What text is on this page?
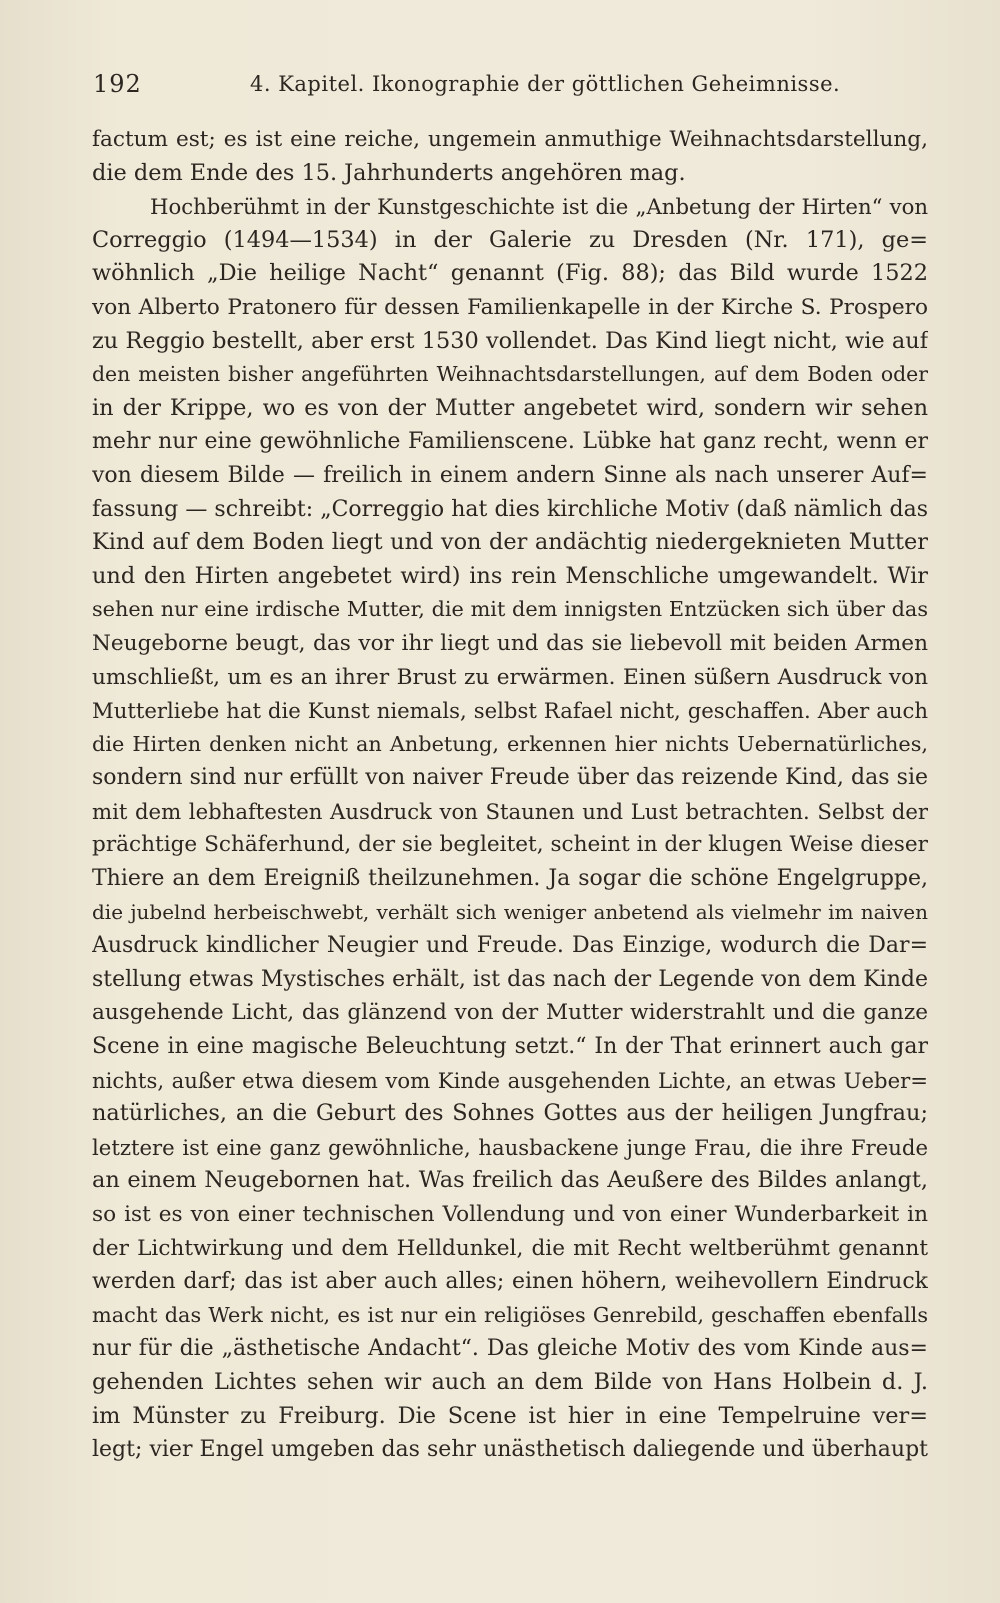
192	4. Kapitel. Ikonographie der göttlichen Geheimnisse.
factum est; es ist eine reiche, ungemein anmuthige Weihnachtsdarstellung,
die dem Ende des 15. Jahrhunderts angehören mag.
Hochberühmt in der Kunstgeschichte ist die „Anbetung der Hirten“ von
Correggio (1494—1534) in der Galerie zu Dresden (Nr. 171), ge=
wöhnlich „Die heilige Nacht“ genannt (Fig. 88); das Bild wurde 1522
von Alberto Pratonero für dessen Familienkapelle in der Kirche S. Prospero
zu Reggio bestellt, aber erst 1530 vollendet. Das Kind liegt nicht, wie auf
den meisten bisher angeführten Weihnachtsdarstellungen, auf dem Boden oder
in der Krippe, wo es von der Mutter angebetet wird, sondern wir sehen
mehr nur eine gewöhnliche Familienscene. Lübke hat ganz recht, wenn er
von diesem Bilde — freilich in einem andern Sinne als nach unserer Auf=
fassung — schreibt: „Correggio hat dies kirchliche Motiv (daß nämlich das
Kind auf dem Boden liegt und von der andächtig niedergeknieten Mutter
und den Hirten angebetet wird) ins rein Menschliche umgewandelt. Wir
sehen nur eine irdische Mutter, die mit dem innigsten Entzücken sich über das
Neugeborne beugt, das vor ihr liegt und das sie liebevoll mit beiden Armen
umschließt, um es an ihrer Brust zu erwärmen. Einen süßern Ausdruck von
Mutterliebe hat die Kunst niemals, selbst Rafael nicht, geschaffen. Aber auch
die Hirten denken nicht an Anbetung, erkennen hier nichts Uebernatürliches,
sondern sind nur erfüllt von naiver Freude über das reizende Kind, das sie
mit dem lebhaftesten Ausdruck von Staunen und Lust betrachten. Selbst der
prächtige Schäferhund, der sie begleitet, scheint in der klugen Weise dieser
Thiere an dem Ereigniß theilzunehmen. Ja sogar die schöne Engelgruppe,
die jubelnd herbeischwebt, verhält sich weniger anbetend als vielmehr im naiven
Ausdruck kindlicher Neugier und Freude. Das Einzige, wodurch die Dar=
stellung etwas Mystisches erhält, ist das nach der Legende von dem Kinde
ausgehende Licht, das glänzend von der Mutter widerstrahlt und die ganze
Scene in eine magische Beleuchtung setzt.“ In der That erinnert auch gar
nichts, außer etwa diesem vom Kinde ausgehenden Lichte, an etwas Ueber=
natürliches, an die Geburt des Sohnes Gottes aus der heiligen Jungfrau;
letztere ist eine ganz gewöhnliche, hausbackene junge Frau, die ihre Freude
an einem Neugebornen hat. Was freilich das Aeußere des Bildes anlangt,
so ist es von einer technischen Vollendung und von einer Wunderbarkeit in
der Lichtwirkung und dem Helldunkel, die mit Recht weltberühmt genannt
werden darf; das ist aber auch alles; einen höhern, weihevollern Eindruck
macht das Werk nicht, es ist nur ein religiöses Genrebild, geschaffen ebenfalls
nur für die „ästhetische Andacht“. Das gleiche Motiv des vom Kinde aus=
gehenden Lichtes sehen wir auch an dem Bilde von Hans Holbein d. J.
im Münster zu Freiburg. Die Scene ist hier in eine Tempelruine ver=
legt; vier Engel umgeben das sehr unästhetisch daliegende und überhaupt
